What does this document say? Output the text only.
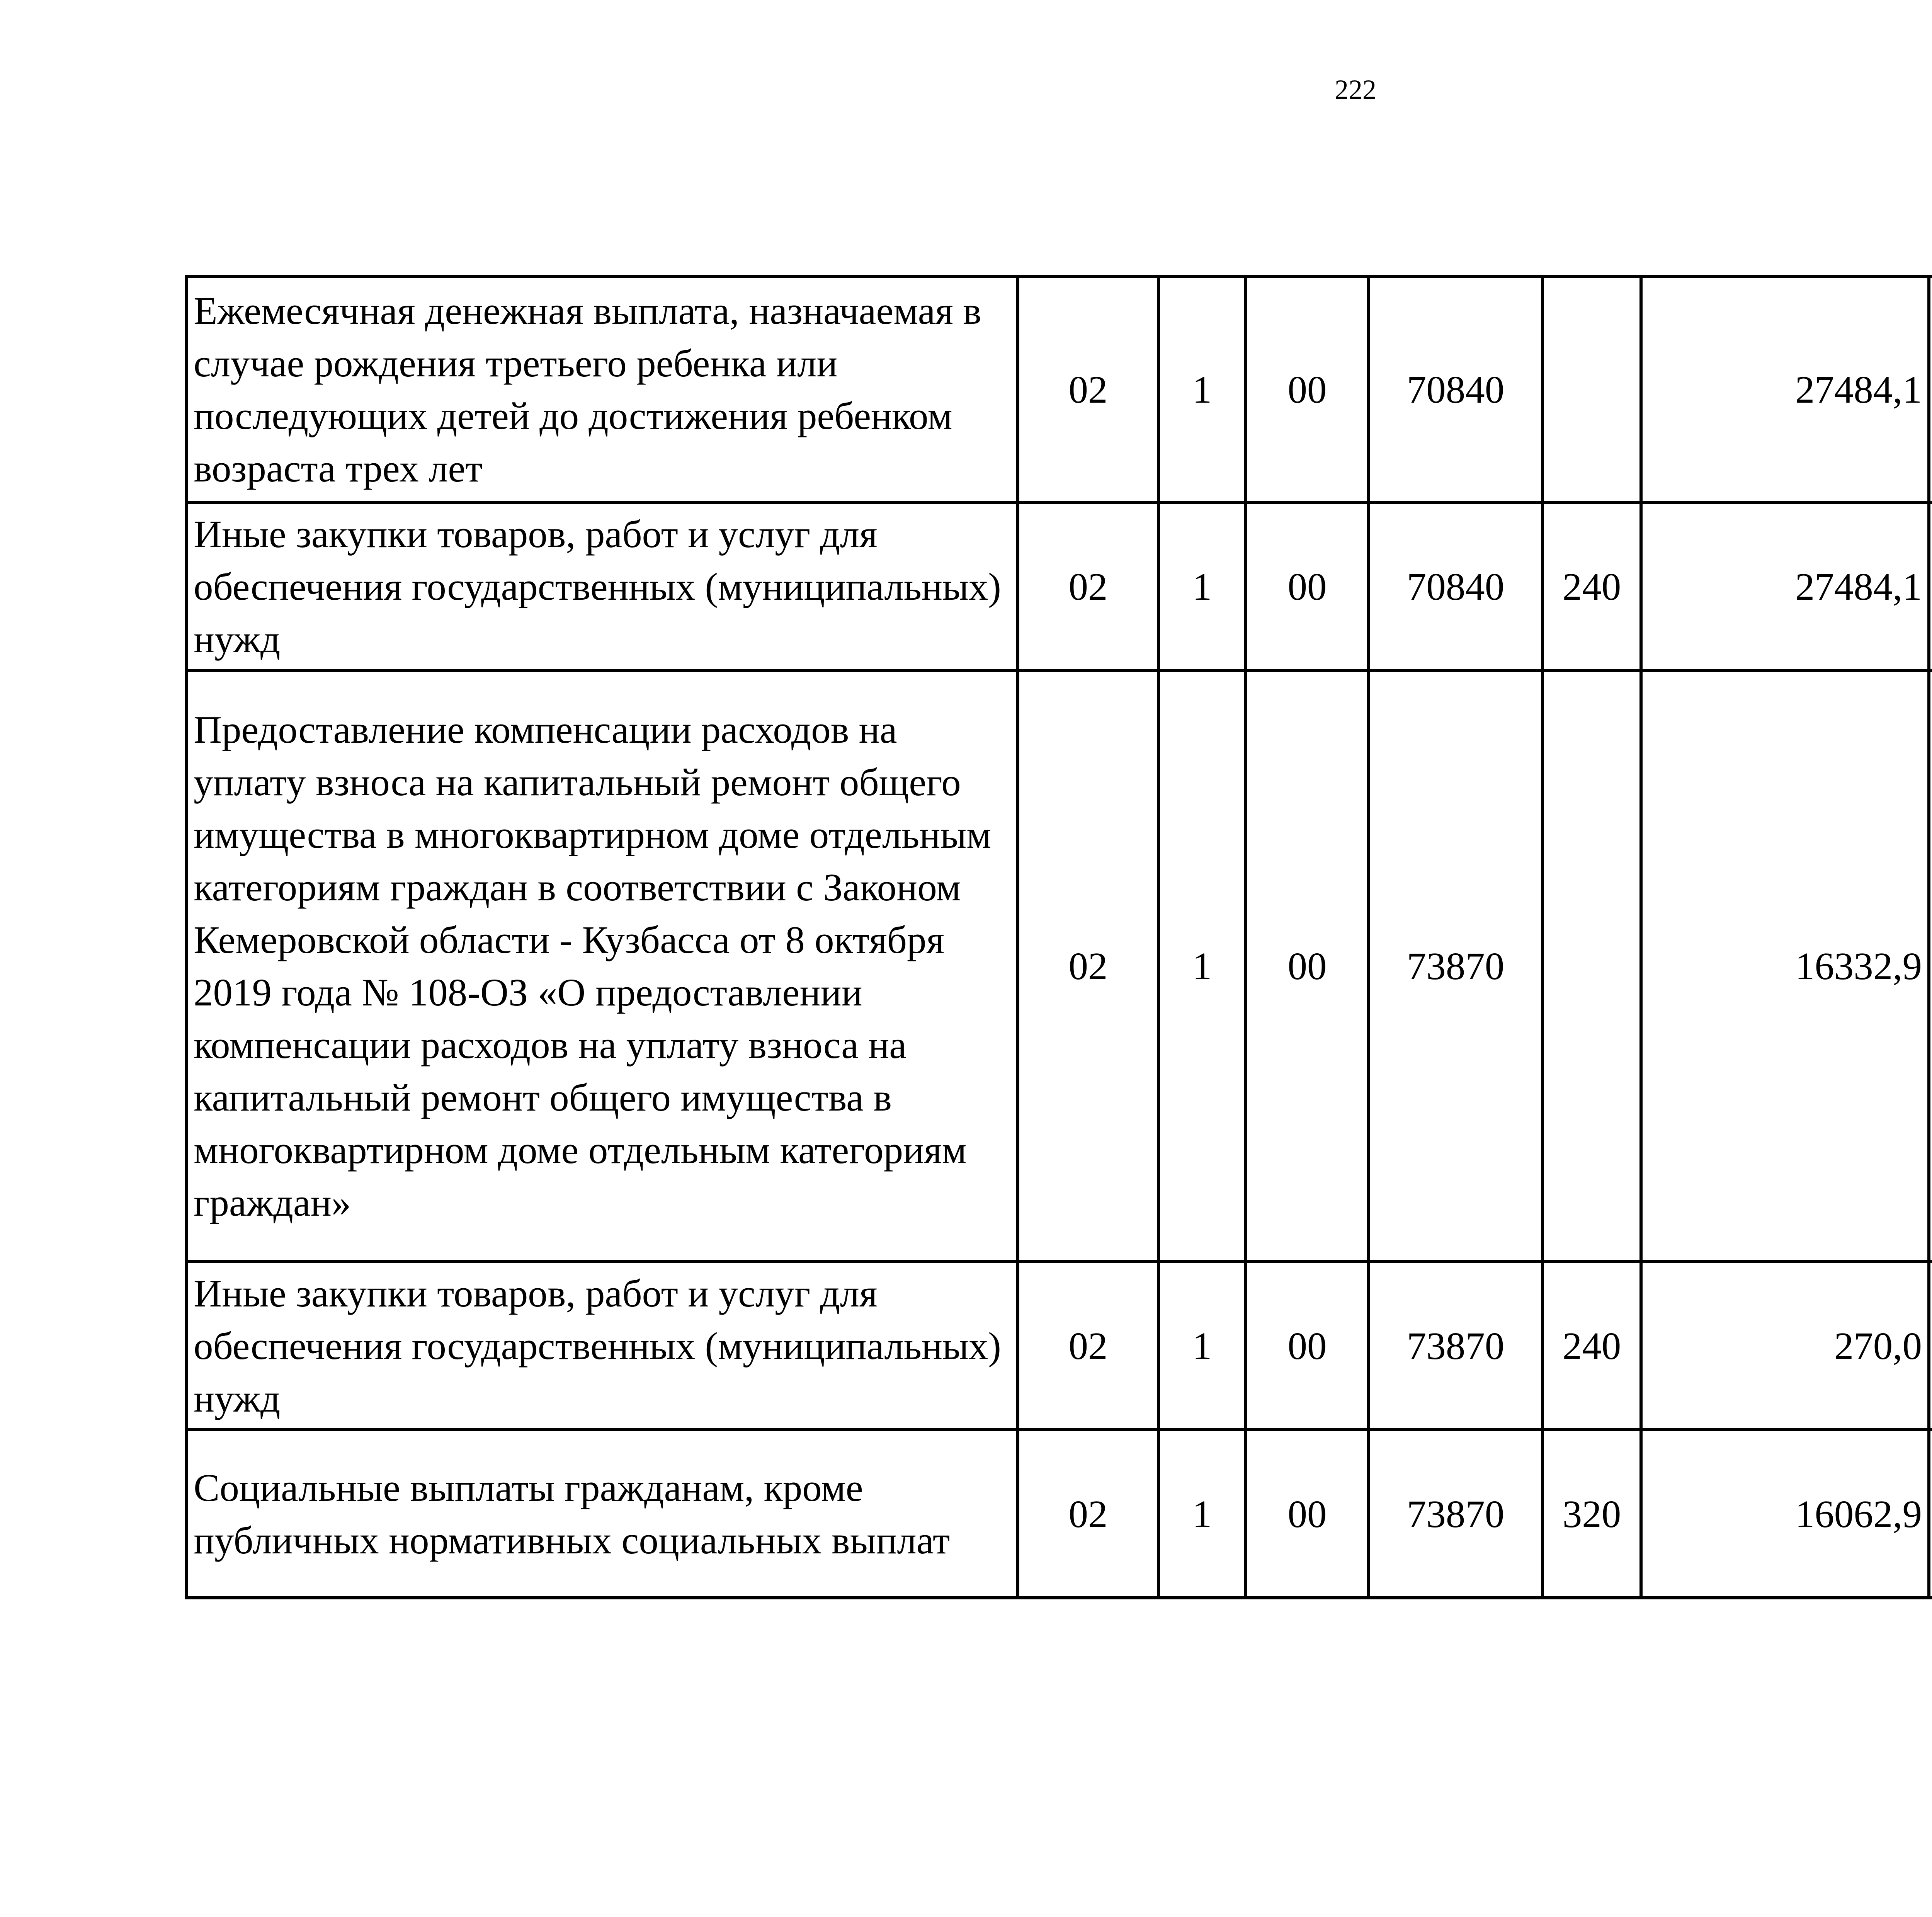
222
Ежемесячная денежная выплата, назначаемая в случае рождения третьего ребенка или последующих детей до достижения ребенком возраста трех лет	02	1	00	70840		27484,1		
Иные закупки товаров, работ и услуг для обеспечения государственных (муниципальных) нужд	02	1	00	70840	240	27484,1		
Предоставление компенсации расходов на уплату взноса на капитальный ремонт общего имущества в многоквартирном доме отдельным категориям граждан в соответствии с Законом Кемеровской области - Кузбасса от 8 октября 2019 года № 108-ОЗ «О предоставлении компенсации расходов на уплату взноса на капитальный ремонт общего имущества в многоквартирном доме отдельным категориям граждан»	02	1	00	73870		16332,9		
Иные закупки товаров, работ и услуг для обеспечения государственных (муниципальных) нужд	02	1	00	73870	240	270,0		
Социальные выплаты гражданам, кроме публичных нормативных социальных выплат	02	1	00	73870	320	16062,9		
